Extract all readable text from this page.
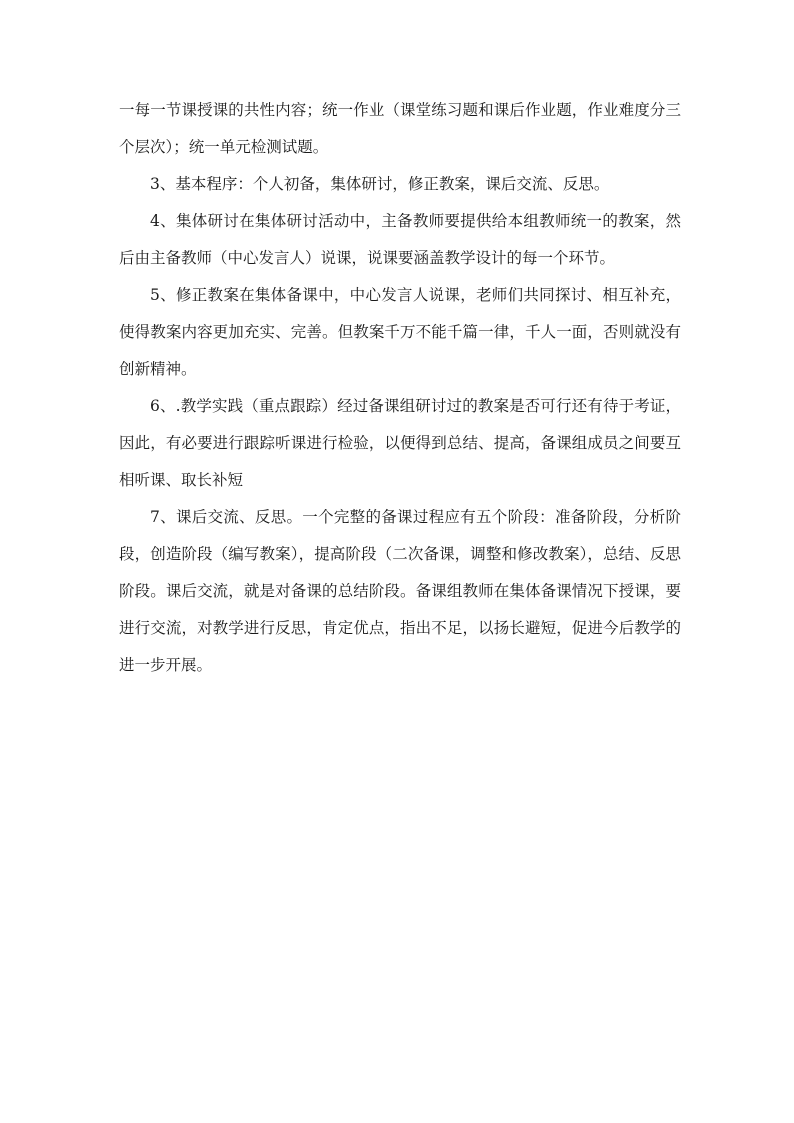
一每一节课授课的共性内容；统一作业（课堂练习题和课后作业题，作业难度分三个层次）；统一单元检测试题。

3、基本程序：个人初备，集体研讨，修正教案，课后交流、反思。

4、集体研讨在集体研讨活动中，主备教师要提供给本组教师统一的教案，然后由主备教师（中心发言人）说课，说课要涵盖教学设计的每一个环节。

5、修正教案在集体备课中，中心发言人说课，老师们共同探讨、相互补充，使得教案内容更加充实、完善。但教案千万不能千篇一律，千人一面，否则就没有创新精神。

6、.教学实践（重点跟踪）经过备课组研讨过的教案是否可行还有待于考证，因此，有必要进行跟踪听课进行检验，以便得到总结、提高，备课组成员之间要互相听课、取长补短

7、课后交流、反思。一个完整的备课过程应有五个阶段：准备阶段，分析阶段，创造阶段（编写教案），提高阶段（二次备课，调整和修改教案），总结、反思阶段。课后交流，就是对备课的总结阶段。备课组教师在集体备课情况下授课，要进行交流，对教学进行反思，肯定优点，指出不足，以扬长避短，促进今后教学的进一步开展。
